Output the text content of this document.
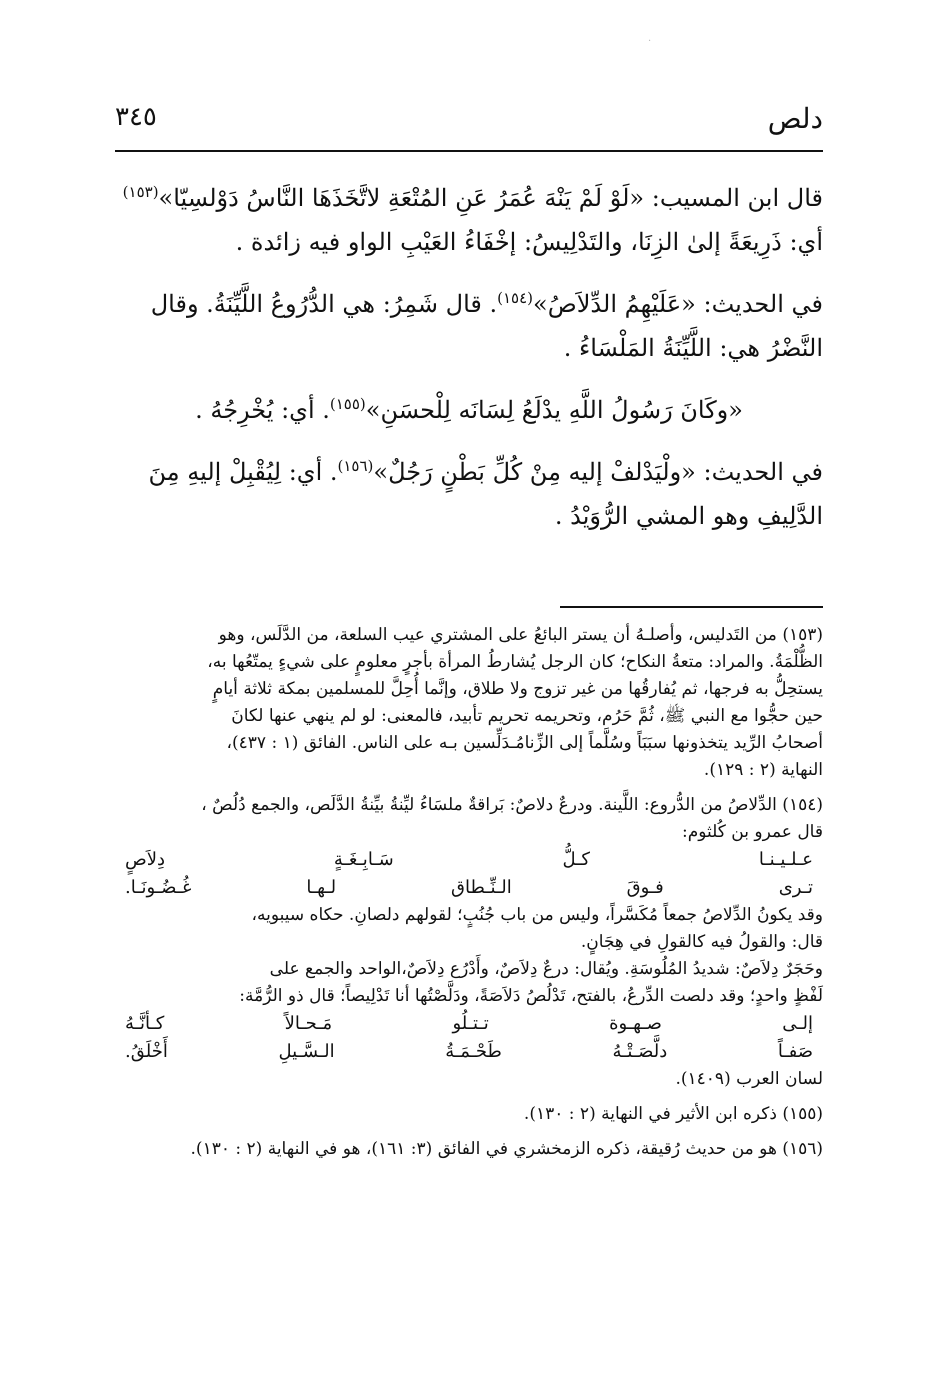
·
٣٤٥	دلص

قال ابن المسيب: «لَوْ لَمْ يَنْهَ عُمَرُ عَنِ المُتْعَةِ لاتَّخَذَهَا النَّاسُ دَوْلسِيّا»$^{(١٥٣)}$ أي: ذَرِيعَةً إلىٰ الزِنَا، والتَدْلِيسُ: إخْفَاءُ العَيْبِ الواو فيه زائدة .

في الحديث: «عَلَيْهِمُ الدِّلاَصُ»$^{(١٥٤)}$. قال شَمِرُ: هي الدُّرُوعُ اللَّيِّنَةُ. وقال النَّضْرُ هي: اللَّيِّنَةُ المَلْسَاءُ .

«وكَانَ رَسُولُ اللَّهِ يدْلَعُ لِسَانَه لِلْحسَنِ»$^{(١٥٥)}$. أي: يُخْرِجُهُ .

في الحديث: «ولْيَدْلفْ إليه مِنْ كُلِّ بَطْنٍ رَجُلٌ»$^{(١٥٦)}$. أي: لِيُقْبِلْ إليهِ مِنَ الدَّلِيفِ وهو المشي الرُّوَيْدُ .

(١٥٣) من التَدليس، وأصلـهُ أن يستر البائعُ على المشتري عيب السلعة، من الدَّلَس، وهو
الظُّلْمَةُ. والمراد: متعةُ النكاح؛ كان الرجل يُشارطُ المرأة بأجرٍ معلومٍ على شيءٍ يمتّعُها به،
يستحِلُّ به فرجها، ثم يُفارقُها من غير تزوج ولا طلاق، وإنَّما أُحِلَّ للمسلمين بمكة ثلاثة أيامٍ
حين حجُّوا مع النبي ﷺ، ثُمَّ حَرُم، وتحريمه تحريم تأبيد، فالمعنى: لو لم ينهي عنها لكانَ
أصحابُ الرِّيد يتخذونها سبَبَاً وسُلَّماً إلى الزِّنامُـدَلِّسين بـه على الناس. الفائق (١ : ٤٣٧)،
النهاية (٢ : ١٢٩).
(١٥٤) الدِّلاصُ من الدُّروع: اللَّينة. ودرعٌ دلاصٌ: بَراقةٌ ملسَاءُ ليِّنةُ بيِّنةُ الدَّلَص، والجمع دُلُصٌ ،
قال عمرو بن كُلثوم:
عـلـيـنـا
كـلُّ
سَـابِـغَـةٍ
دِلاَصٍ
تـرى
فـوقَ
الـنِّـطاق
لـهـا
غُـضُـونَـا.
وقد يكونُ الدِّلاصُ جمعاً مُكَسَّراً، وليس من باب جُنُبٍ؛ لقولهم دلصانِ. حكاه سيبويه،
قال: والقولُ فيه كالقولِ في هِجَانٍ.
وحَجَرٌ دِلاَصٌ: شديدُ المُلُوسَةِ. ويُقال: درعٌ دِلاَصٌ، وأَدْرُع دِلاَصٌ،الواحد والجمع على
لَفْظٍ واحدٍ؛ وقد دلصت الدِّرعُ، بالفتح، تَدْلُصُ دَلاَصَةً، ودَلَّصْتُها أنا تَدْلِيصاً؛ قال ذو الرُّمَّة:
إلـى
صـهـوة
تـتـلُو
مَـحـالاً
كـأنَّـهُ
صَفـاً
دلَّصَـتْـهُ
طَحْـمَـةُ
الـسَّـيلِ
أَخْلَقُ.
لسان العرب (١٤٠٩).
(١٥٥) ذكره ابن الأثير في النهاية (٢ : ١٣٠).
(١٥٦) هو من حديث رُقيقة، ذكره الزمخشري في الفائق (٣: ١٦١)، هو في النهاية (٢ : ١٣٠).
